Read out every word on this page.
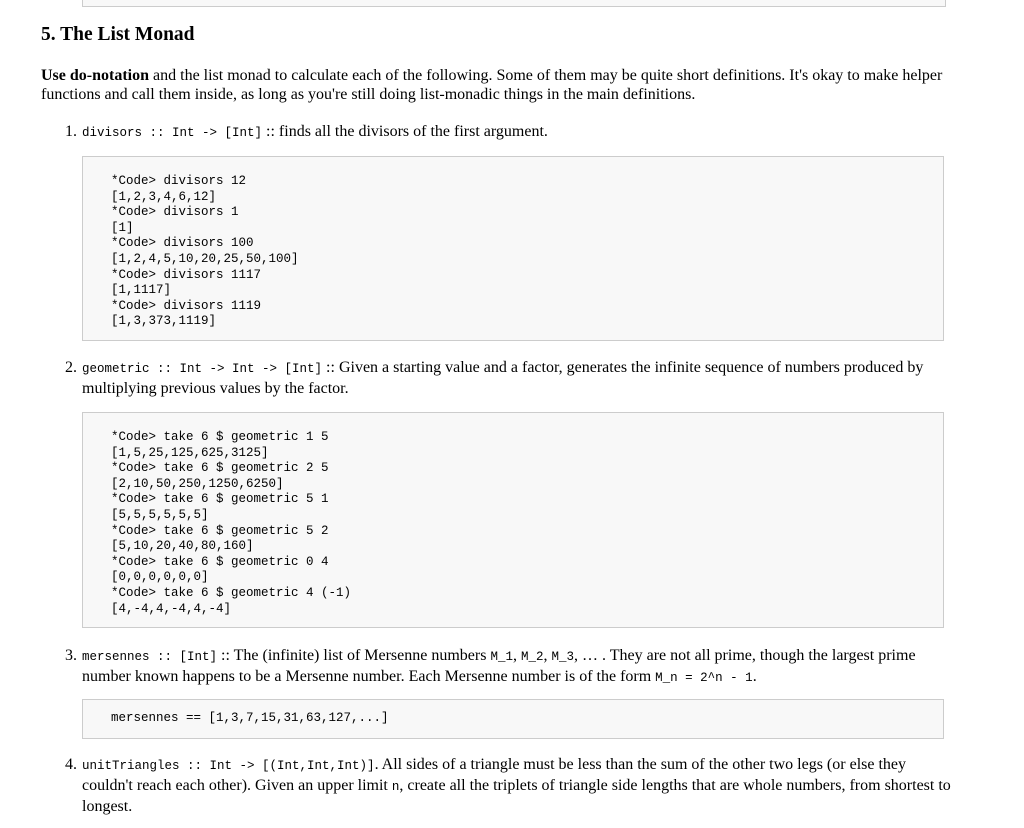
5. The List Monad

Use do-notation and the list monad to calculate each of the following. Some of them may be quite short definitions. It's okay to make helper functions and call them inside, as long as you're still doing list-monadic things in the main definitions.

1. divisors :: Int -> [Int] :: finds all the divisors of the first argument.
*Code> divisors 12
[1,2,3,4,6,12]
*Code> divisors 1
[1]
*Code> divisors 100
[1,2,4,5,10,20,25,50,100]
*Code> divisors 1117
[1,1117]
*Code> divisors 1119
[1,3,373,1119]
2. geometric :: Int -> Int -> [Int] :: Given a starting value and a factor, generates the infinite sequence of numbers produced by multiplying previous values by the factor.
*Code> take 6 $ geometric 1 5
[1,5,25,125,625,3125]
*Code> take 6 $ geometric 2 5
[2,10,50,250,1250,6250]
*Code> take 6 $ geometric 5 1
[5,5,5,5,5,5]
*Code> take 6 $ geometric 5 2
[5,10,20,40,80,160]
*Code> take 6 $ geometric 0 4
[0,0,0,0,0,0]
*Code> take 6 $ geometric 4 (-1)
[4,-4,4,-4,4,-4]
3. mersennes :: [Int] :: The (infinite) list of Mersenne numbers M_1, M_2, M_3, … . They are not all prime, though the largest prime number known happens to be a Mersenne number. Each Mersenne number is of the form M_n = 2^n - 1.
mersennes == [1,3,7,15,31,63,127,...]
4. unitTriangles :: Int -> [(Int,Int,Int)]. All sides of a triangle must be less than the sum of the other two legs (or else they couldn't reach each other). Given an upper limit n, create all the triplets of triangle side lengths that are whole numbers, from shortest to longest.
